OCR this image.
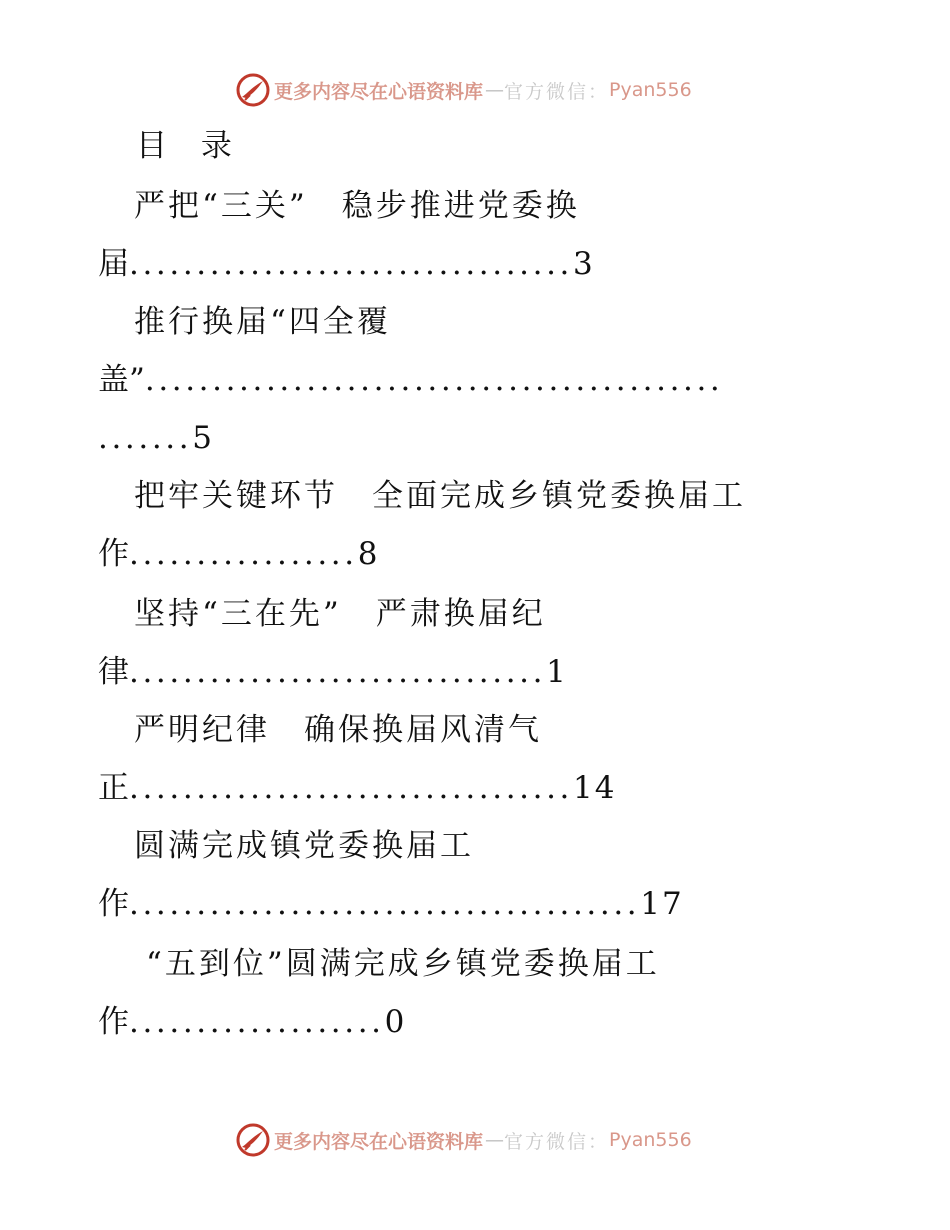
更多内容尽在心语资料库 — 官方微信： Pyan556
目 录
严把“三关”　稳步推进党委换
届.................................3
推行换届“四全覆
盖”...........................................
.......5
把牢关键环节　全面完成乡镇党委换届工
作.................8
坚持“三在先”　严肃换届纪
律...............................1
严明纪律　确保换届风清气
正.................................14
圆满完成镇党委换届工
作......................................17
“五到位”圆满完成乡镇党委换届工
作...................0
更多内容尽在心语资料库 — 官方微信： Pyan556
